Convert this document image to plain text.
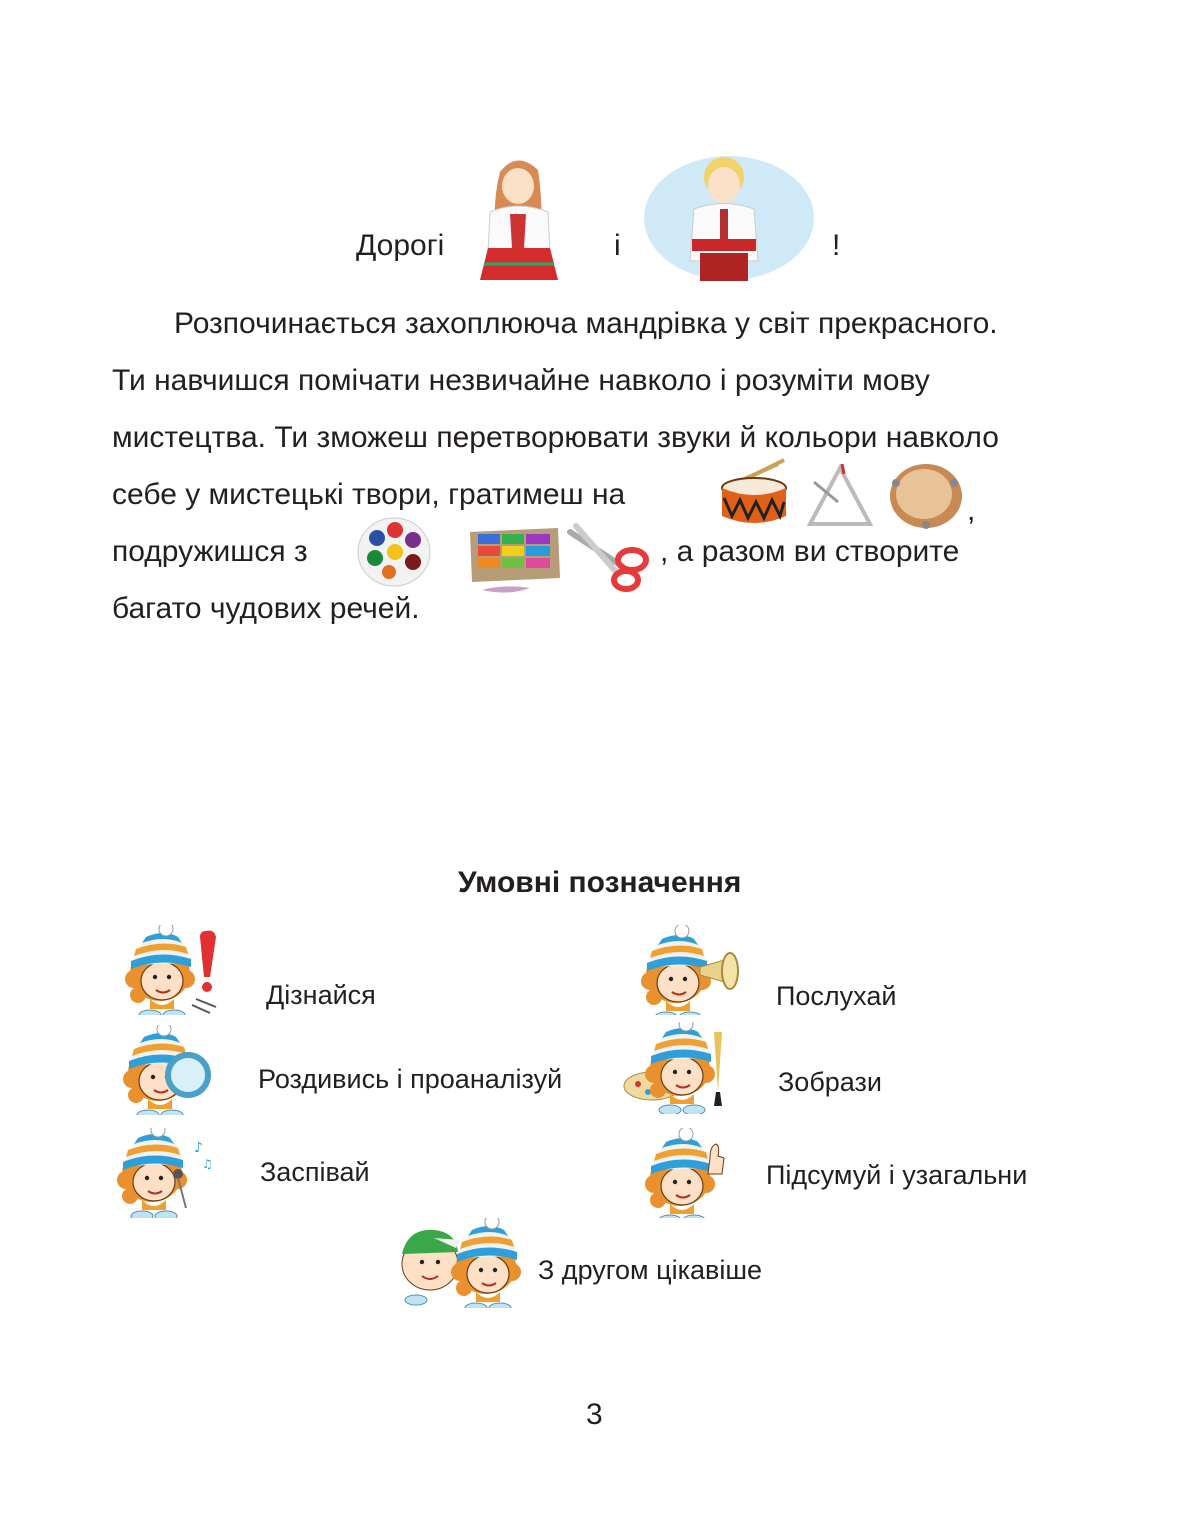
Дорогі	і	!
Розпочинається захоплююча мандрівка у світ прекрасного.
Ти навчишся помічати незвичайне навколо і розуміти мову
мистецтва. Ти зможеш перетворювати звуки й кольори навколо
себе у мистецькі твори, гратимеш на	,
подружишся з	, а разом ви створите
багато чудових речей.
Умовні позначення
Дізнайся	Послухай
Роздивись і проаналізуй	Зобрази
♪
♫ Заспівай	Підсумуй і узагальни
З другом цікавіше
3
